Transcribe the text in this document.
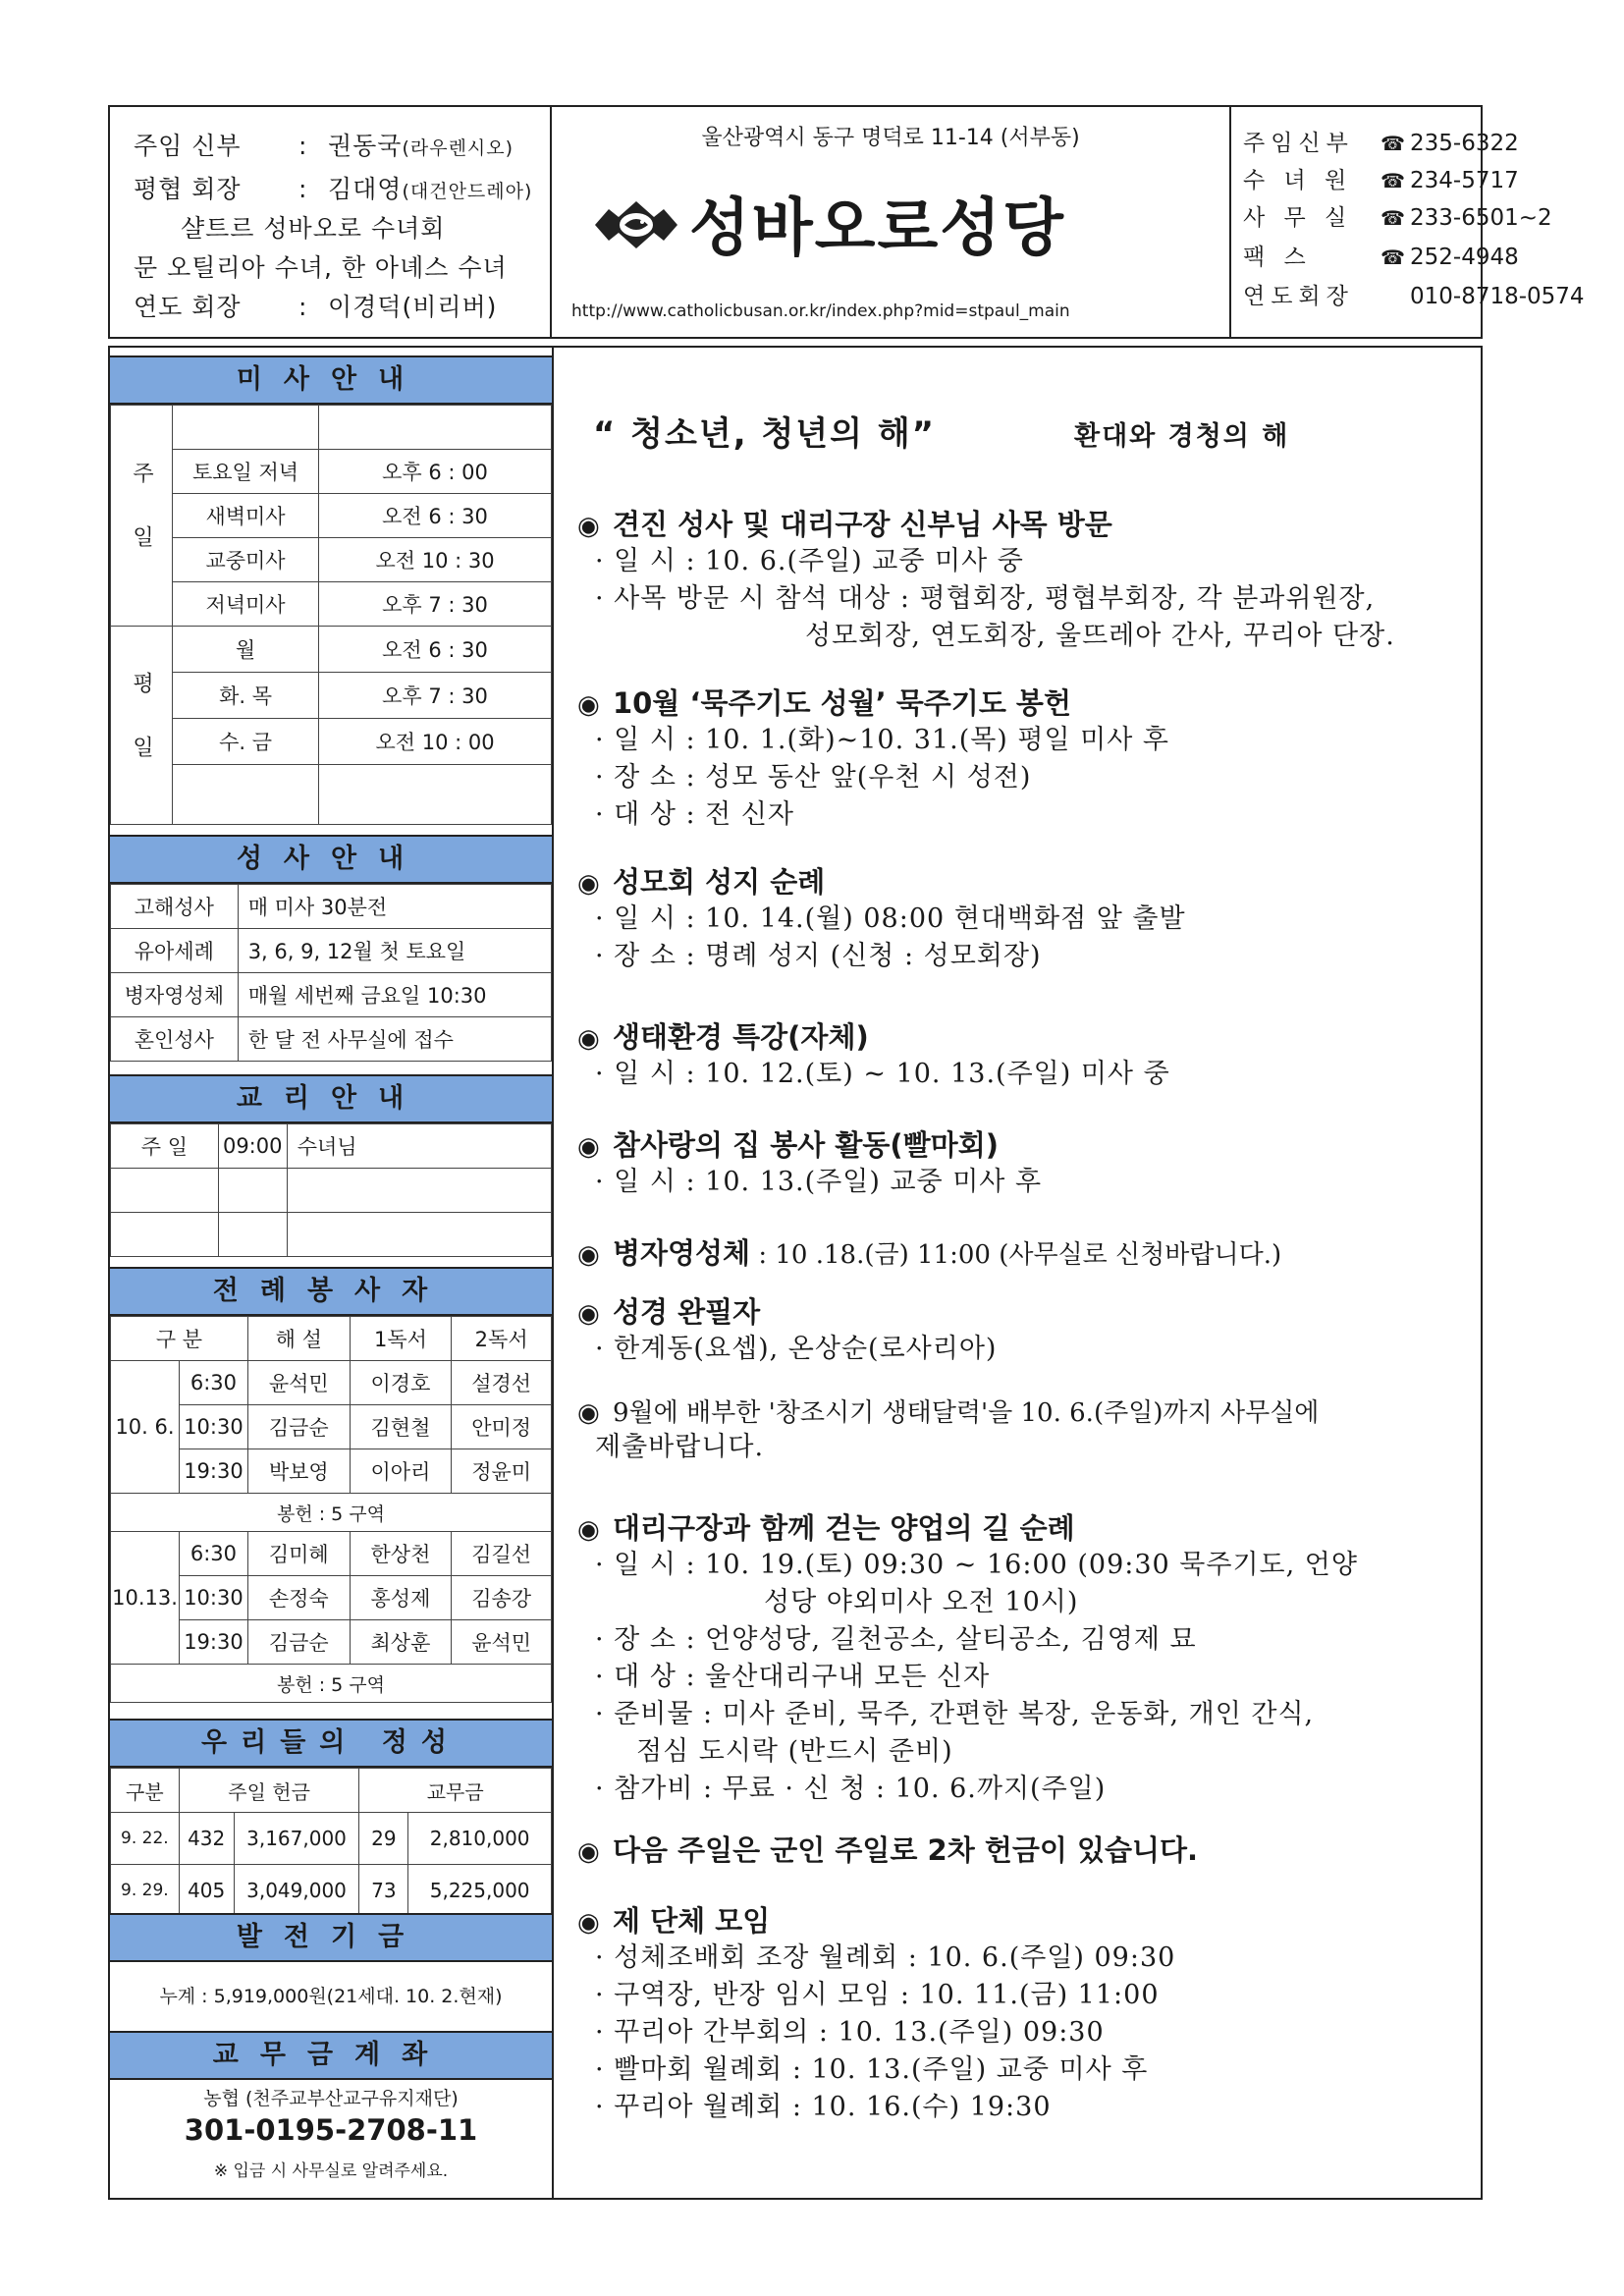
주임 신부 : 권동국(라우렌시오)
평협 회장 : 김대영(대건안드레아)
샬트르 성바오로 수녀회
문 오틸리아 수녀, 한 아녜스 수녀
연도 회장 : 이경덕(비리버)
울산광역시 동구 명덕로 11-14 (서부동)
성바오로성당
http://www.catholicbusan.or.kr/index.php?mid=stpaul_main
주임신부 ☎ 235-6322
수 녀 원 ☎ 234-5717
사 무 실 ☎ 233-6501~2
팩 스	☎ 252-4948
연도회장 010-8718-0574
미사안내
주 일		
	토요일 저녁	오후 6 : 00
	새벽미사	오전 6 : 30
	교중미사	오전 10 : 30
	저녁미사	오후 7 : 30
평 일	월	오전 6 : 30
	화. 목	오후 7 : 30
	수. 금	오전 10 : 00

성사안내
고해성사	매 미사 30분전
유아세례	3, 6, 9, 12월 첫 토요일
병자영성체	매월 세번째 금요일 10:30
혼인성사	한 달 전 사무실에 접수
교리안내
주 일	09:00	수녀님

전례봉사자
구 분		해 설	1독서	2독서
10. 6.	6:30	윤석민	이경호	설경선
	10:30	김금순	김현철	안미정
	19:30	박보영	이아리	정윤미
봉헌 : 5 구역				
10.13.	6:30	김미혜	한상천	김길선
	10:30	손정숙	홍성제	김송강
	19:30	김금순	최상훈	윤석민
봉헌 : 5 구역				
우리들의 정성
구분	주일 헌금		교무금	
9. 22.	432	3,167,000	29	2,810,000
9. 29.	405	3,049,000	73	5,225,000
발전기금
누계 : 5,919,000원(21세대. 10. 2.현재)
교무금계좌
농협 (천주교부산교구유지재단)
301-0195-2708-11
※ 입금 시 사무실로 알려주세요.
“ 청소년, 청년의 해”	환대와 경청의 해
◉ 견진 성사 및 대리구장 신부님 사목 방문
· 일 시 : 10. 6.(주일) 교중 미사 중
· 사목 방문 시 참석 대상 : 평협회장, 평협부회장, 각 분과위원장,
성모회장, 연도회장, 울뜨레아 간사, 꾸리아 단장.
◉ 10월 ‘묵주기도 성월’ 묵주기도 봉헌
· 일 시 : 10. 1.(화)~10. 31.(목) 평일 미사 후
· 장 소 : 성모 동산 앞(우천 시 성전)
· 대 상 : 전 신자
◉ 성모회 성지 순례
· 일 시 : 10. 14.(월) 08:00 현대백화점 앞 출발
· 장 소 : 명례 성지 (신청 : 성모회장)
◉ 생태환경 특강(자체)
· 일 시 : 10. 12.(토) ~ 10. 13.(주일) 미사 중
◉ 참사랑의 집 봉사 활동(빨마회)
· 일 시 : 10. 13.(주일) 교중 미사 후
◉ 병자영성체 : 10 .18.(금) 11:00 (사무실로 신청바랍니다.)
◉ 성경 완필자
· 한계동(요셉), 온상순(로사리아)
◉ 9월에 배부한 '창조시기 생태달력'을 10. 6.(주일)까지 사무실에
제출바랍니다.
◉ 대리구장과 함께 걷는 양업의 길 순례
· 일 시 : 10. 19.(토) 09:30 ~ 16:00 (09:30 묵주기도, 언양
성당 야외미사 오전 10시)
· 장 소 : 언양성당, 길천공소, 살티공소, 김영제 묘
· 대 상 : 울산대리구내 모든 신자
· 준비물 : 미사 준비, 묵주, 간편한 복장, 운동화, 개인 간식,
점심 도시락 (반드시 준비)
· 참가비 : 무료 · 신 청 : 10. 6.까지(주일)
◉ 다음 주일은 군인 주일로 2차 헌금이 있습니다.
◉ 제 단체 모임
· 성체조배회 조장 월례회 : 10. 6.(주일) 09:30
· 구역장, 반장 임시 모임 : 10. 11.(금) 11:00
· 꾸리아 간부회의 : 10. 13.(주일) 09:30
· 빨마회 월례회 : 10. 13.(주일) 교중 미사 후
· 꾸리아 월례회 : 10. 16.(수) 19:30
